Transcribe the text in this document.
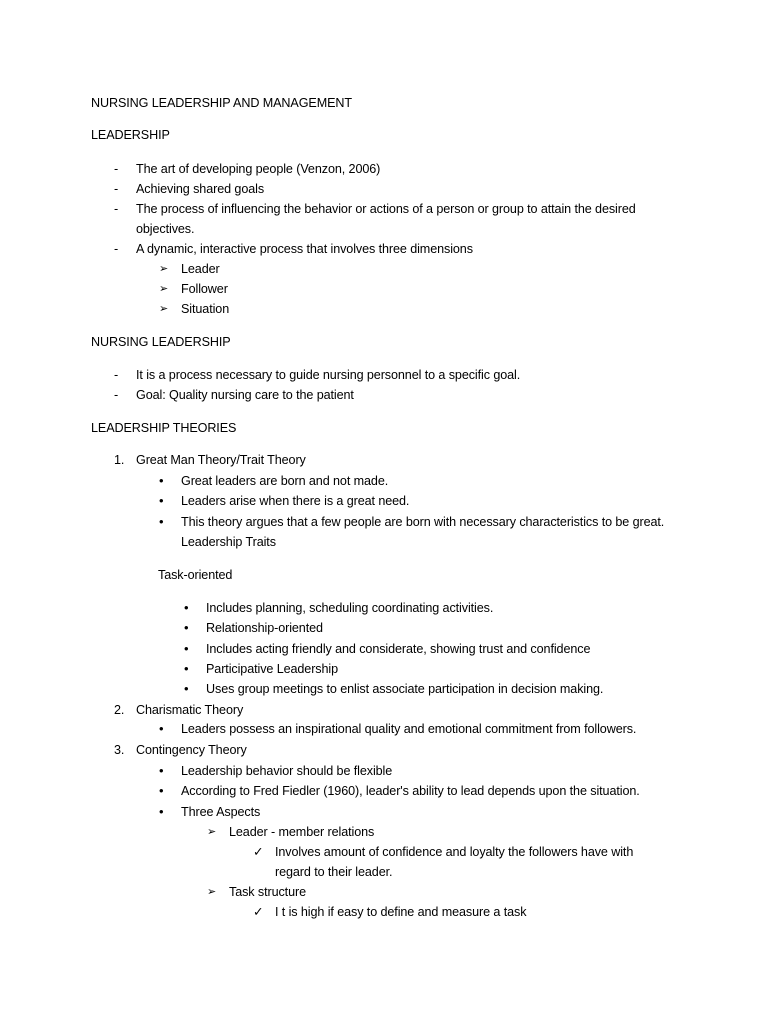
NURSING LEADERSHIP AND MANAGEMENT
LEADERSHIP
-	The art of developing people (Venzon, 2006)
-	Achieving shared goals
-	The process of influencing the behavior or actions of a person or group to attain the desired
objectives.
-	A dynamic, interactive process that involves three dimensions
➢ Leader
➢ Follower
➢ Situation
NURSING LEADERSHIP
-	It is a process necessary to guide nursing personnel to a specific goal.
-	Goal: Quality nursing care to the patient
LEADERSHIP THEORIES
1. Great Man Theory/Trait Theory
• Great leaders are born and not made.
• Leaders arise when there is a great need.
• This theory argues that a few people are born with necessary characteristics to be great.
Leadership Traits
Task-oriented
• Includes planning, scheduling coordinating activities.
• Relationship-oriented
• Includes acting friendly and considerate, showing trust and confidence
• Participative Leadership
• Uses group meetings to enlist associate participation in decision making.
2. Charismatic Theory
• Leaders possess an inspirational quality and emotional commitment from followers.
3. Contingency Theory
• Leadership behavior should be flexible
• According to Fred Fiedler (1960), leader's ability to lead depends upon the situation.
• Three Aspects
➢ Leader - member relations
✓ Involves amount of confidence and loyalty the followers have with
regard to their leader.
➢ Task structure
✓ I t is high if easy to define and measure a task
